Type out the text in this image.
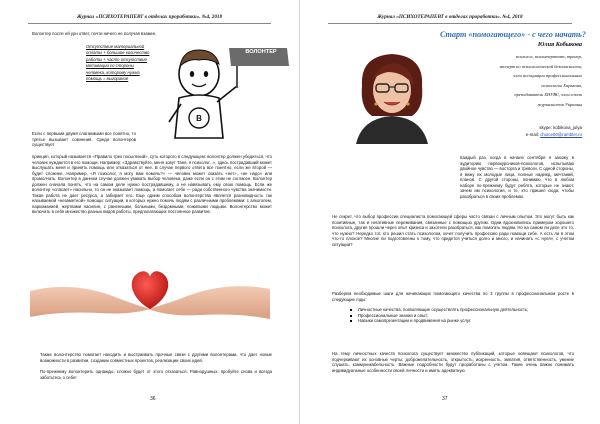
Журнал «ПСИХОТЕРАПЕВТ в отделах проработки». №4, 2018
Волонтер после ей урн ответ, почти ничего не получая взамен.
Отсутствие материальной оплаты + большое количество работы + часто отсутствие мотивации со стороны человека, которому нужна помощь = выгорание
ВОЛОНТЕР
В
Если с первыми двумя слагаемыми все понятно, то третье вызывает сомнения. Среди волонтеров существует
принцип, который называется «Правило трех посылений», суть которого в следующем: волонтер должен убедиться, что человек нуждается в его помощи. Например: «Здравствуйте, меня зовут Таня, я психолог...», здесь пострадавший может выслушать меня и принять помощь или отказаться от нее. В случае первого ответа все понятно, если же второй — будет сложнее. Например, «Я психолог, я могу вам помочь?» — человек может сказать «нет», «не надо» или промолчать. Волонтер в данном случае должен уважать выбор человека, даже если он с этим не согласен. Волонтер должен сначала понять, что на самом деле нужно пострадавшему, а не навязывать ему свою помощь. Если же волонтер «спасает» насильно, то он не оказывает помощь, а помогает себе — ради собственного чувства значимости. Такая работа не дает ресурса, а забирает его. Еще одним способом волонтерства является разновидность так называемой «незаметной» помощи: ситуации, в которых нужно помочь людям с различными проблемами: с алкоголем, наркоманией, жертвами насилия, с раненными, больными, бездомными, пожилыми людьми. Волонтерство может включать в себя множество разных видов работы, предполагающих постоянное развитие.
Также волонтерство помогает находить и выстраивать прочные связи с другими волонтерами, что дает новые возможности в развитии, создании совместных проектов, реализации своих идей.
По-прежнему волонтерить однажды, сложно будет от этого отказаться. Равнодушных, пробуйте снова и всегда заботьтесь о себе!
36
Журнал «ПСИХОТЕРАПЕВТ в отделах проработки». №4, 2018
Старт «помогающего» - с чего начать?
Юлия Кобыкова
психолог, психотерапевт, тренер,
эксперт по психологической безопасности,
член ассоциации профессиональных
психологов Харькова,
преподаватель ХНУВС, член союза
журналистов Украины
skype: kobikova_julya
e-mail: choice00@rambler.ru
Каждый раз, когда в начале сентября я захожу в аудиторию первокурсников-психологов, испытываю двойное чувство — восторга и тревоги. С одной стороны, я вижу их молодые лица, полные надежд, мечтаний, планов. С другой стороны, понимаю, что в любом наборе по-прежнему будут ребята, которые не знают, зачем им психология, и те, кто пришел сюда, чтобы разобраться в своих проблемах.
Не секрет, что выбор профессии специалиста помогающей сферы часто связан с личным опытом. Это могут быть как позитивные, так и негативные переживания, связанные с помощью другим. Одни вдохновились примером хорошего психолога, другие прошли через опыт кризиса и захотели разобраться, как помогать людям. Но на самом ли деле это то, что нужно? Нередко тот, кто решил стать психологом, хочет получить профессию ради помощи себе. А есть ли в этом что-то плохое? Многие ли подготовлены к тому, что придется учиться долго и много, и начинать «с нуля», с учетом ситуации?
Разберем необходимые шаги для начинающих помогающего качества по 3 группы в профессиональном росте в следующие годы:
Личностные качества, позволяющие осуществлять профессиональную деятельность;
Профессиональные знания и опыт;
Навыки самопрезентации и продвижения на рынке услуг.
На тему личностных качеств психолога существует множество публикаций, которые освещают психологов, что подчеркивают их основные черты: доброжелательность, открытость, искренность, эмпатия, ответственность, умение слушать, коммуникабельность. Важные подробности будут проработаны с учетом. Такие очень важно понимать индивидуальные особенности своей личности и иметь адекватную
37
